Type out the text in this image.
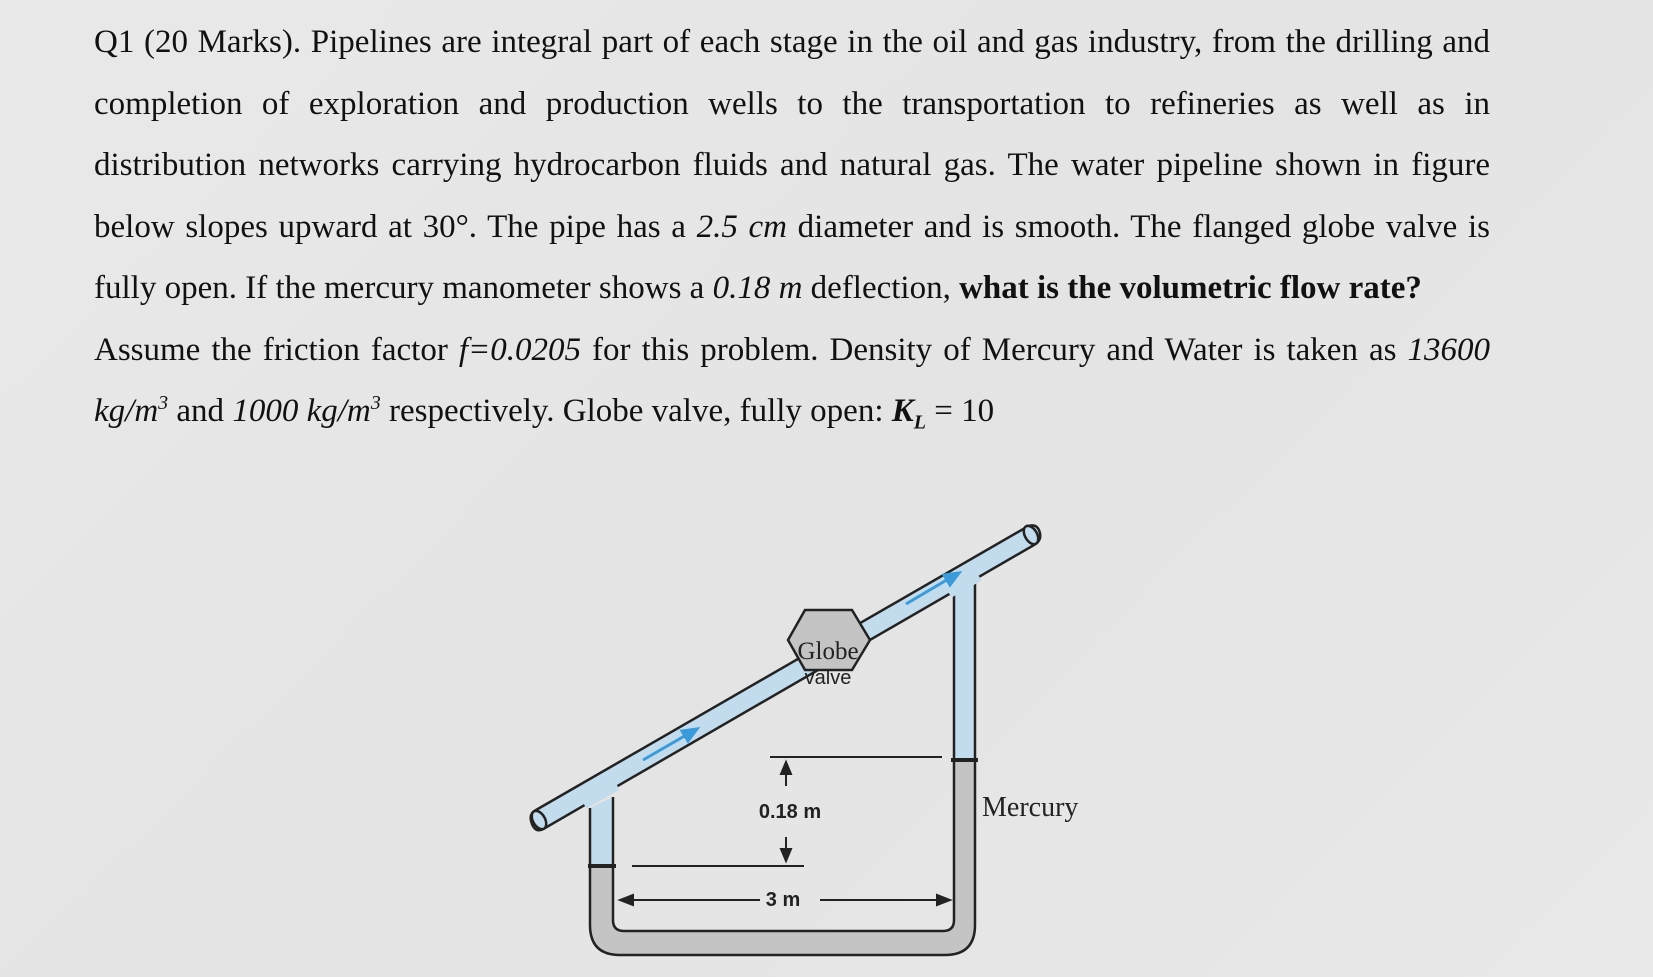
Q1 (20 Marks). Pipelines are integral part of each stage in the oil and gas industry, from the drilling and completion of exploration and production wells to the transportation to refineries as well as in distribution networks carrying hydrocarbon fluids and natural gas. The water pipeline shown in figure below slopes upward at 30°. The pipe has a 2.5 cm diameter and is smooth. The flanged globe valve is fully open. If the mercury manometer shows a 0.18 m deflection, what is the volumetric flow rate?

Assume the friction factor f=0.0205 for this problem. Density of Mercury and Water is taken as 13600 $kg/m^3$ and 1000 $kg/m^3$ respectively. Globe valve, fully open: $K_L = 10$

Globe
valve
0.18 m
3 m
Mercury
